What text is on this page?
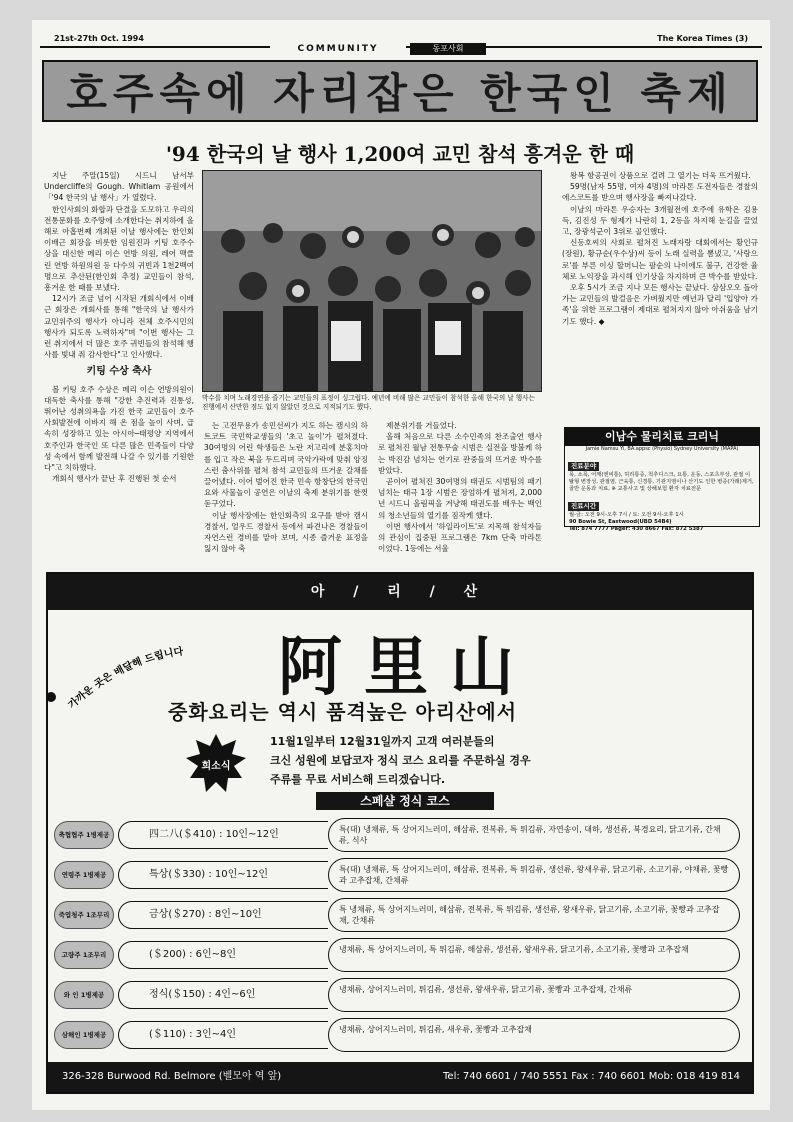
21st-27th Oct. 1994	The Korea Times (3)
COMMUNITY	동포사회
호주속에 자리잡은 한국인 축제
'94 한국의 날 행사 1,200여 교민 참석 흥겨운 한 때

지난 주말(15일) 시드니 남서부 Undercliffe의 Gough. Whitlam 공원에서 「'94 한국의 날 행사」가 열렸다.

한인사회의 화합과 단결을 도모하고 우리의 전통문화를 호주땅에 소개한다는 취지하에 올해로 아홉번째 개최된 이날 행사에는 한인회 이배근 회장을 비롯한 임원진과 키팅 호주수상을 대신한 메리 이슨 연방 의원, 레어 맥클린 연방 하원의원 등 다수의 귀빈과 1천2백여명으로 추산된(한인회 추정) 교민들이 참석, 흥겨운 한 때를 보냈다.

12시가 조금 넘어 시작된 개회식에서 이배근 회장은 개회사를 통해 "한국의 날 행사가 교민위주의 행사가 아니라 전체 호주시민의 행사가 되도록 노력하자"며 "이번 행사는 그런 취지에서 더 많은 호주 귀빈들의 참석해 행사를 빛내 줘 감사한다"고 인사했다.

키팅 수상 축사

볼 키팅 호주 수상은 메리 이슨 연방의원이 대독한 축사를 통해 "강한 추진력과 진통성, 뛰어난 성취의욕을 가진 한국 교민들이 호주 사회발전에 이바지 해 온 점을 높이 사며, 급속히 성장하고 있는 아시아─태평양 지역에서 호주인과 한국인 또 다른 많은 민족들이 다양성 속에서 함께 발전해 나갈 수 있기를 기원한다"고 치하했다.

개회식 행사가 끝난 후 진행된 첫 순서

박수를 치며 노래경연을 즐기는 교민들의 표정이 싱그럽다. 예년에 비해 많은 교민들이 참석한 올해 한국의 날 행사는 진행에서 산만한 점도 없지 않았던 것으로 지적되기도 했다.

는 고전무용가 송민선씨가 지도 하는 캠시의 하트코트 국민학교생들의 '초고 놀이'가 펼쳐졌다. 30여명의 어린 학생들은 노란 저고리에 분홍치마를 입고 작은 북을 두드리며 국악가락에 맞춰 앙징스런 춤사위를 펼쳐 참석 교민들의 뜨거운 갈채를 끌어냈다. 이어 벌어진 한국 민속 항창단의 한국민요와 사물놀이 공연은 이날의 축제 분위기를 한껏 돋구었다.

이날 행사장에는 한인회측의 요구를 받아 캠시 경찰서, 얼우드 경찰서 등에서 파견나온 경찰들이 자연스런 경비를 맡아 보며, 시종 즐거운 표정을 잃지 않아 축

제분위기를 거들었다.

올해 처음으로 다른 소수민족의 찬조출연 행사로 펼쳐진 월남 전통무술 시범은 실전을 방불케 하는 박진감 넘치는 연기로 관중들의 뜨거운 박수를 받았다.

곧이어 펼쳐진 30여명의 태권도 시범팀의 패기 넘치는 태극 1장 시범은 장엄하게 펼쳐져, 2,000년 시드니 올림픽을 겨냥해 태권도를 배우는 백인의 청소년들의 열기를 짐작케 했다.

이번 행사에서 '하일라이트'로 지목해 참석자들의 관심이 집중된 프로그램은 7km 단축 마라톤 이었다. 1등에는 서울

왕복 항공권이 상품으로 걸려 그 열기는 더욱 뜨거웠다.

59명(남자 55명, 여자 4명)의 마라톤 도전자들은 경찰의 에스코트를 받으며 행사장을 빠져나갔다.

이날의 마라톤 우승자는 3개월전에 호주에 유학온 김용득, 김진성 두 형제가 나란히 1, 2등을 차지해 눈길을 끌었고, 장광석군이 3위로 골인했다.

신동호씨의 사회로 펼쳐진 노래자랑 대회에서는 황인규(장원), 황규순(우수상)씨 등이 노래 실력을 뽐냈고, '사랑으로'를 부른 이싱 할머니는 팔순의 나이에도 불구, 건강한 율체로 노익장을 과시해 인기상을 차지하며 큰 박수를 받았다.

오후 5시가 조금 지나 모든 행사는 끝났다. 삼삼오오 돌아가는 교민들의 발걸음은 가벼웠지만 예년과 달리 '입양아 가족'을 위한 프로그램이 제대로 펼쳐지지 않아 아쉬움을 남기기도 했다. ◆

이남수 물리치료 크리닉
Jamie Namsu Yi, BA.appsc (Physio) Sydney University (MAPA)
진료분야
목, 소목, 어깨(엔비통), 허리통증, 척추디스크, 요통, 운동, 스포츠부상, 관절 이탈형 변장성, 관절염, 근육통, 신경통, 기관지염이나 산기도 인한 병증(가래)제거, 골반 운동과 치료, ※ 교통사고 및 상해보험 환자 치료전문
진료시간
월-금: 오전 9시-오후 7시 / 토: 오전 9시-오후 1시
90 Bowie St, Eastwood(UBD 54B4)
Tel: 874 7777 Pager: 430 8667 Fax: 872 5387
아 / 리 / 산
阿里山
가까운 곳은 배달해 드립니다
중화요리는 역시 품격높은 아리산에서
희소식
11월1일부터 12월31일까지 고객 여러분들의
크신 성원에 보답코자 정식 코스 요리를 주문하실 경우
주류를 무료 서비스해 드리겠습니다.
스페샬 정식 코스
축협협주 1병제공	四二八(＄410) : 10인~12인	특(대) 냉채류, 특 상어지느러미, 해삼류, 전복류, 특 튀김류, 자연송이, 대하, 생선류, 북경요리, 닭고기류, 간채류, 식사
연령주 1병제공	특상(＄330) : 10인~12인	특(대) 냉채류, 특 상어지느러미, 해삼류, 전복류, 특 튀김류, 생선류, 왕새우류, 닭고기류, 소고기류, 야채류, 꽃빵과 고추잡채, 간채류
죽엽청주 1조무리	금상(＄270) : 8인~10인	특 냉채류, 특 상어지느러미, 해삼류, 전복류, 특 튀김류, 생선류, 왕새우류, 닭고기류, 소고기류, 꽃빵과 고추잡채, 간채류
고량주 1조무리	(＄200) : 6인~8인	냉채류, 특 상어지느러미, 특 튀김류, 해삼류, 생선류, 왕새우류, 닭고기류, 소고기류, 꽃빵과 고추잡채
와 인 1병제공	정식(＄150) : 4인~6인	냉채류, 상어지느러미, 튀김류, 생선류, 왕새우류, 닭고기류, 꽃빵과 고추잡채, 간채류
삼해인 1병제공	(＄110) : 3인~4인	냉채류, 상어지느러미, 튀김류, 새우류, 꽃빵과 고추잡채
326-328 Burwood Rd. Belmore (벨모아 역 앞)	Tel: 740 6601 / 740 5551 Fax : 740 6601 Mob: 018 419 814
